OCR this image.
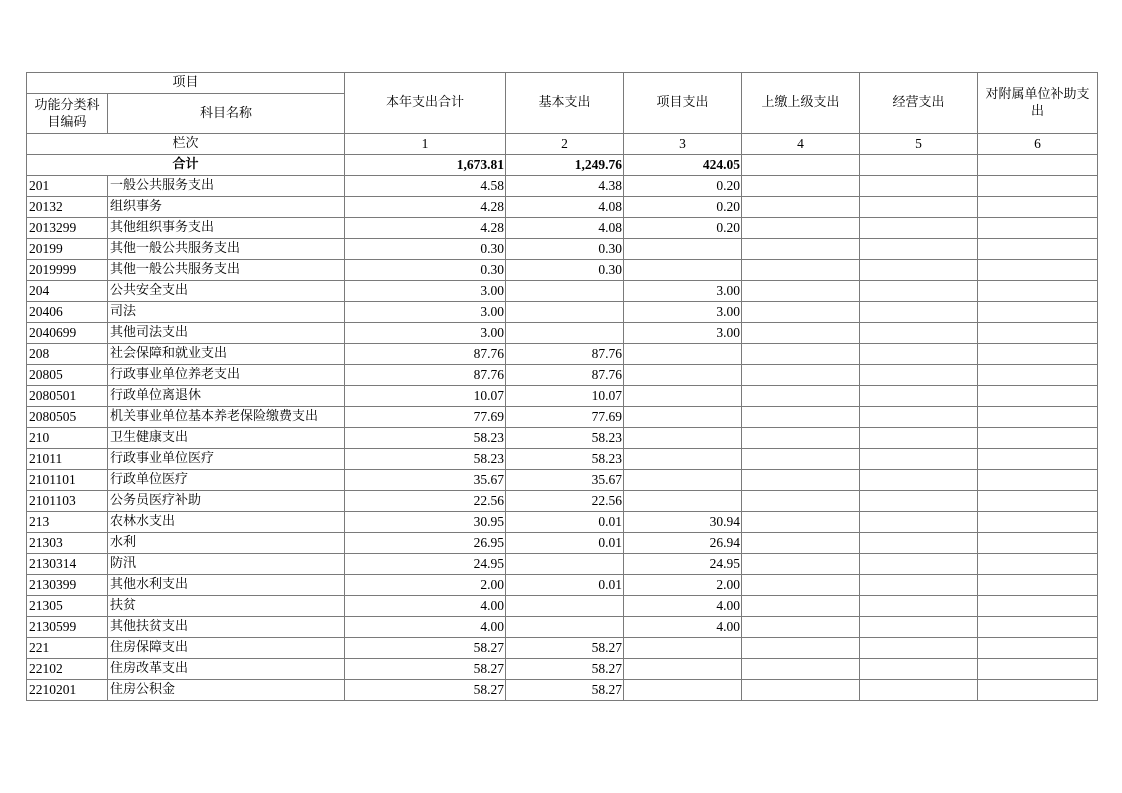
项目		本年支出合计	基本支出	项目支出	上缴上级支出	经营支出	对附属单位补助支出
功能分类科目编码	科目名称						
栏次		1	2	3	4	5	6
合计		1,673.81	1,249.76	424.05			
201	一般公共服务支出	4.58	4.38	0.20			
20132	组织事务	4.28	4.08	0.20			
2013299	其他组织事务支出	4.28	4.08	0.20			
20199	其他一般公共服务支出	0.30	0.30				
2019999	其他一般公共服务支出	0.30	0.30				
204	公共安全支出	3.00		3.00			
20406	司法	3.00		3.00			
2040699	其他司法支出	3.00		3.00			
208	社会保障和就业支出	87.76	87.76				
20805	行政事业单位养老支出	87.76	87.76				
2080501	行政单位离退休	10.07	10.07				
2080505	机关事业单位基本养老保险缴费支出	77.69	77.69				
210	卫生健康支出	58.23	58.23				
21011	行政事业单位医疗	58.23	58.23				
2101101	行政单位医疗	35.67	35.67				
2101103	公务员医疗补助	22.56	22.56				
213	农林水支出	30.95	0.01	30.94			
21303	水利	26.95	0.01	26.94			
2130314	防汛	24.95		24.95			
2130399	其他水利支出	2.00	0.01	2.00			
21305	扶贫	4.00		4.00			
2130599	其他扶贫支出	4.00		4.00			
221	住房保障支出	58.27	58.27				
22102	住房改革支出	58.27	58.27				
2210201	住房公积金	58.27	58.27				
